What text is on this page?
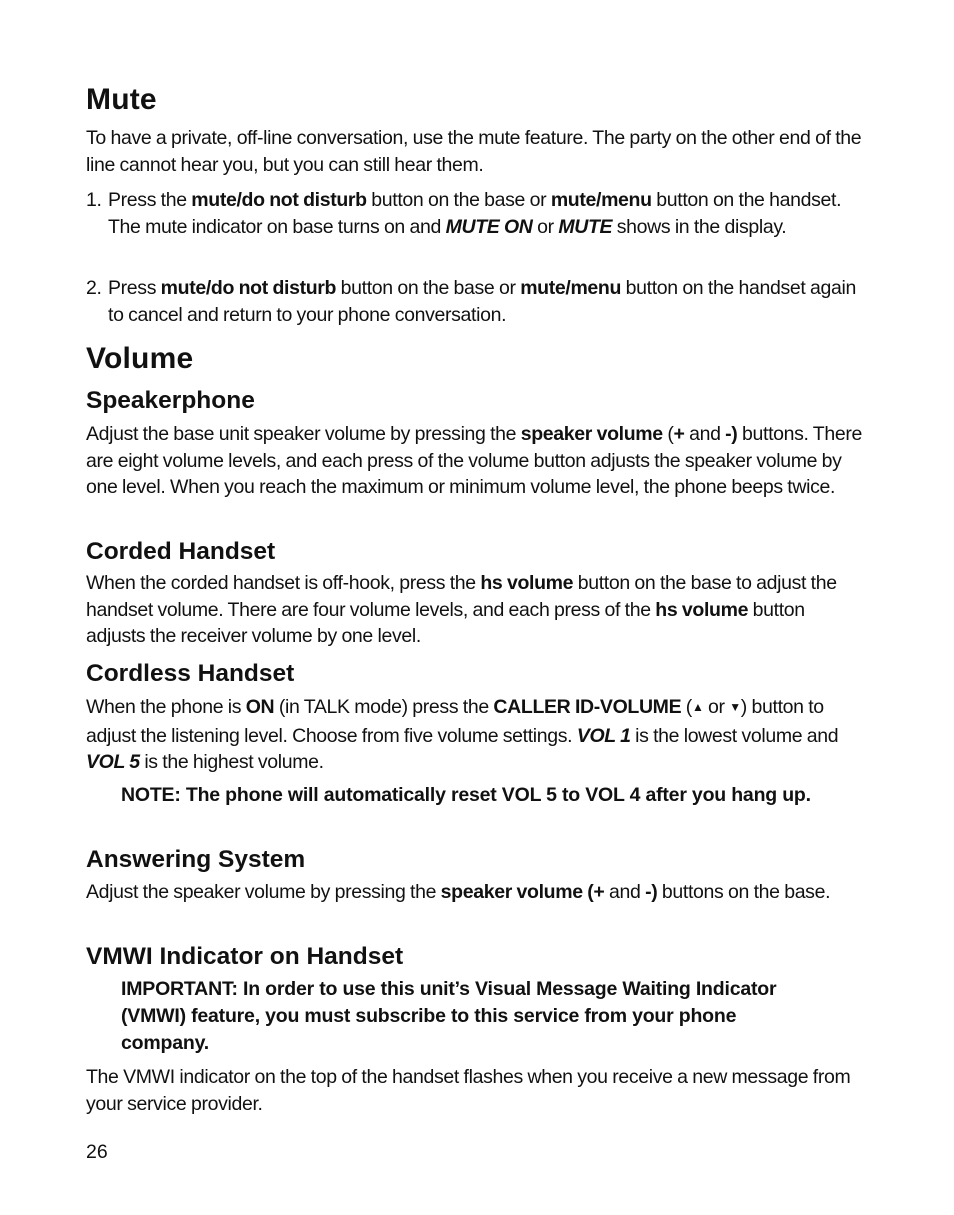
Mute
To have a private, off-line conversation, use the mute feature. The party on the other end of the line cannot hear you, but you can still hear them.
1. Press the mute/do not disturb button on the base or mute/menu button on the handset. The mute indicator on base turns on and MUTE ON or MUTE shows in the display.
2. Press mute/do not disturb button on the base or mute/menu button on the handset again to cancel and return to your phone conversation.
Volume
Speakerphone
Adjust the base unit speaker volume by pressing the speaker volume (+ and -) buttons. There are eight volume levels, and each press of the volume button adjusts the speaker volume by one level. When you reach the maximum or minimum volume level, the phone beeps twice.
Corded Handset
When the corded handset is off-hook, press the hs volume button on the base to adjust the handset volume. There are four volume levels, and each press of the hs volume button adjusts the receiver volume by one level.
Cordless Handset
When the phone is ON (in TALK mode) press the CALLER ID-VOLUME (▲ or ▼) button to adjust the listening level. Choose from five volume settings. VOL 1 is the lowest volume and VOL 5 is the highest volume.
NOTE: The phone will automatically reset VOL 5 to VOL 4 after you hang up.
Answering System
Adjust the speaker volume by pressing the speaker volume (+ and -) buttons on the base.
VMWI Indicator on Handset
IMPORTANT: In order to use this unit’s Visual Message Waiting Indicator (VMWI) feature, you must subscribe to this service from your phone company.
The VMWI indicator on the top of the handset flashes when you receive a new message from your service provider.
26
